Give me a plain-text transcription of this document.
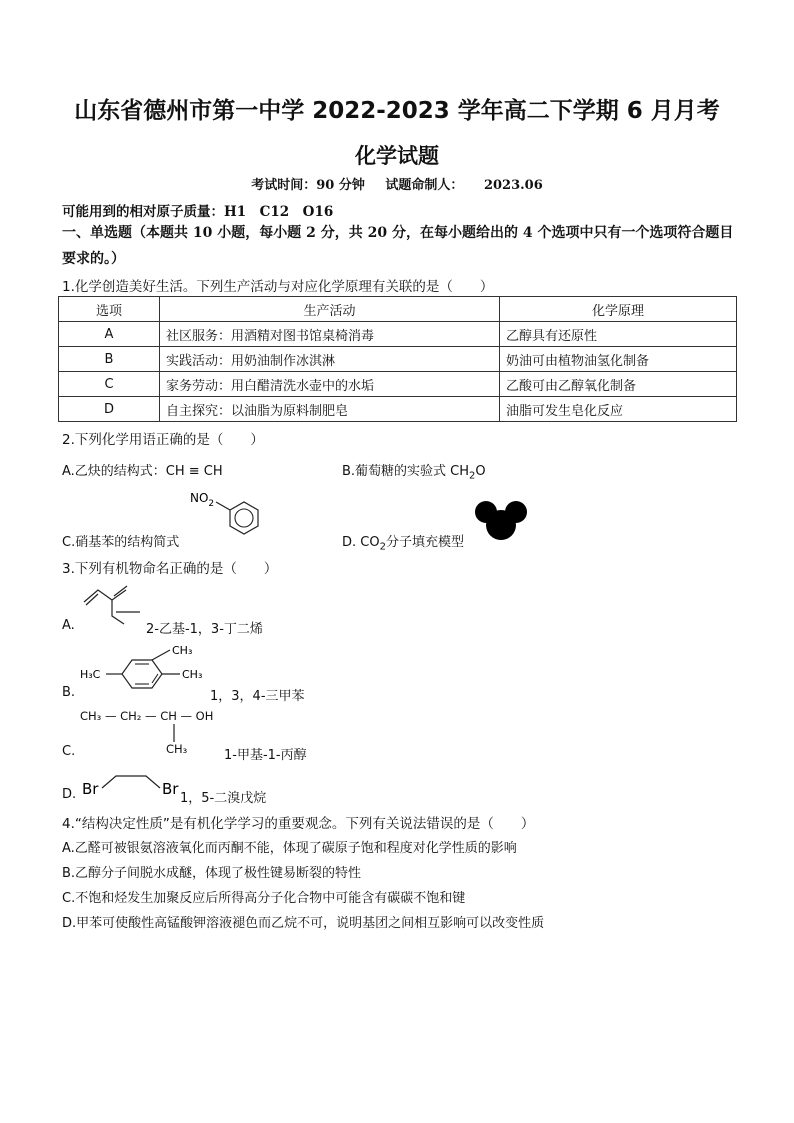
山东省德州市第一中学 2022-2023 学年高二下学期 6 月月考
化学试题
考试时间：90 分钟 试题命制人： 2023.06
可能用到的相对原子质量：H1　C12　O16
一、单选题（本题共 10 小题，每小题 2 分，共 20 分，在每小题给出的 4 个选项中只有一个选项符合题目要求的。）
1.化学创造美好生活。下列生产活动与对应化学原理有关联的是（　　）
选项	生产活动	化学原理
A	社区服务：用酒精对图书馆桌椅消毒	乙醇具有还原性
B	实践活动：用奶油制作冰淇淋	奶油可由植物油氢化制备
C	家务劳动：用白醋清洗水壶中的水垢	乙酸可由乙醇氧化制备
D	自主探究：以油脂为原料制肥皂	油脂可发生皂化反应
2.下列化学用语正确的是（　　）
A.乙炔的结构式：CH ≡ CH	B.葡萄糖的实验式 $CH_2O$
$NO_2$
C.硝基苯的结构简式	D. $CO_2$分子填充模型
3.下列有机物命名正确的是（　　）
A.	2-乙基-1，3-丁二烯
H₃C
CH₃
CH₃
B.	1，3，4-三甲苯
CH₃ — CH₂ — CH — OH
CH₃
C.	1-甲基-1-丙醇
Br	Br
D.	1，5-二溴戊烷
4.“结构决定性质”是有机化学学习的重要观念。下列有关说法错误的是（　　）
A.乙醛可被银氨溶液氧化而丙酮不能，体现了碳原子饱和程度对化学性质的影响
B.乙醇分子间脱水成醚，体现了极性键易断裂的特性
C.不饱和烃发生加聚反应后所得高分子化合物中可能含有碳碳不饱和键
D.甲苯可使酸性高锰酸钾溶液褪色而乙烷不可，说明基团之间相互影响可以改变性质
